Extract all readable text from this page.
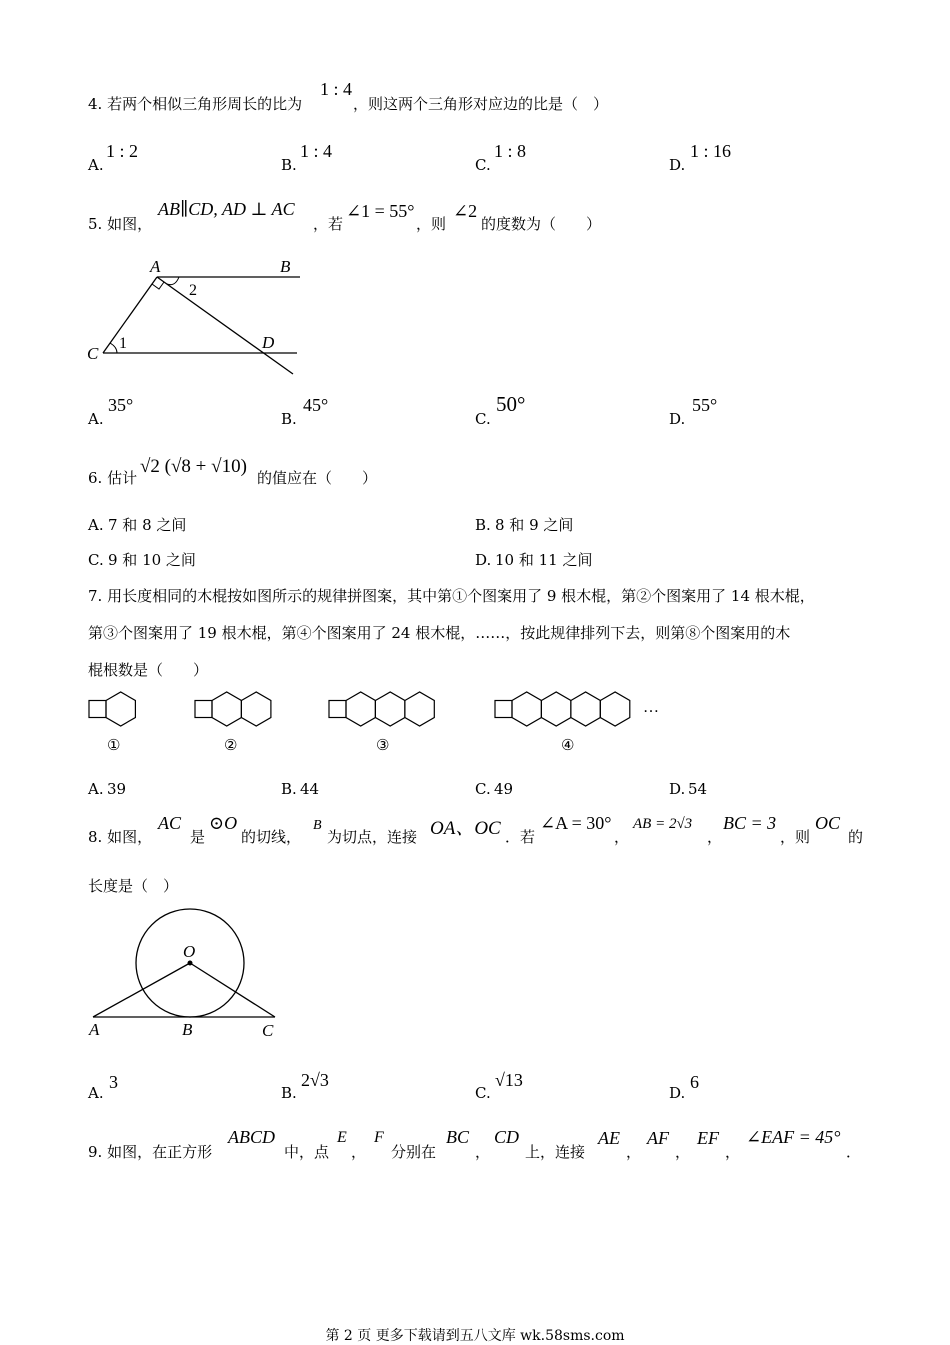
4. 若两个相似三角形周长的比为
1 : 4
，则这两个三角形对应边的比是（　）
A.
1 : 2
B.
1 : 4
C.
1 : 8
D.
1 : 16
5. 如图，
AB∥CD, AD ⊥ AC
，若
∠1 = 55°
，则
∠2
的度数为（　　）
A	B
C
D
1
2
A.
35°
B.
45°
C.
50°
D.
55°
6. 估计
√2 (√8 + √10)
的值应在（　　）
A. 7 和 8 之间	B. 8 和 9 之间
C. 9 和 10 之间	D. 10 和 11 之间
7. 用长度相同的木棍按如图所示的规律拼图案，其中第①个图案用了 9 根木棍，第②个图案用了 14 根木棍，
第③个图案用了 19 根木棍，第④个图案用了 24 根木棍，……，按此规律排列下去，则第⑧个图案用的木
棍根数是（　　）
…
①	②	③	④
A. 39	B. 44	C. 49	D. 54
8. 如图，
AC
是
⊙O
的切线，
B
为切点，连接 OA、OC ．若
∠A = 30°
，
AB = 2√3
，
BC = 3
，则
OC
的
长度是（　）
O
A	B	C
A.
3
B.
2√3
C.
√13
D.
6
9. 如图，在正方形
ABCD
中，点
E
，
F
分别在
BC
，
CD
上，连接
AE
，
AF
，
EF
，
∠EAF = 45°
．
第 2 页 更多下载请到五八文库 wk.58sms.com
